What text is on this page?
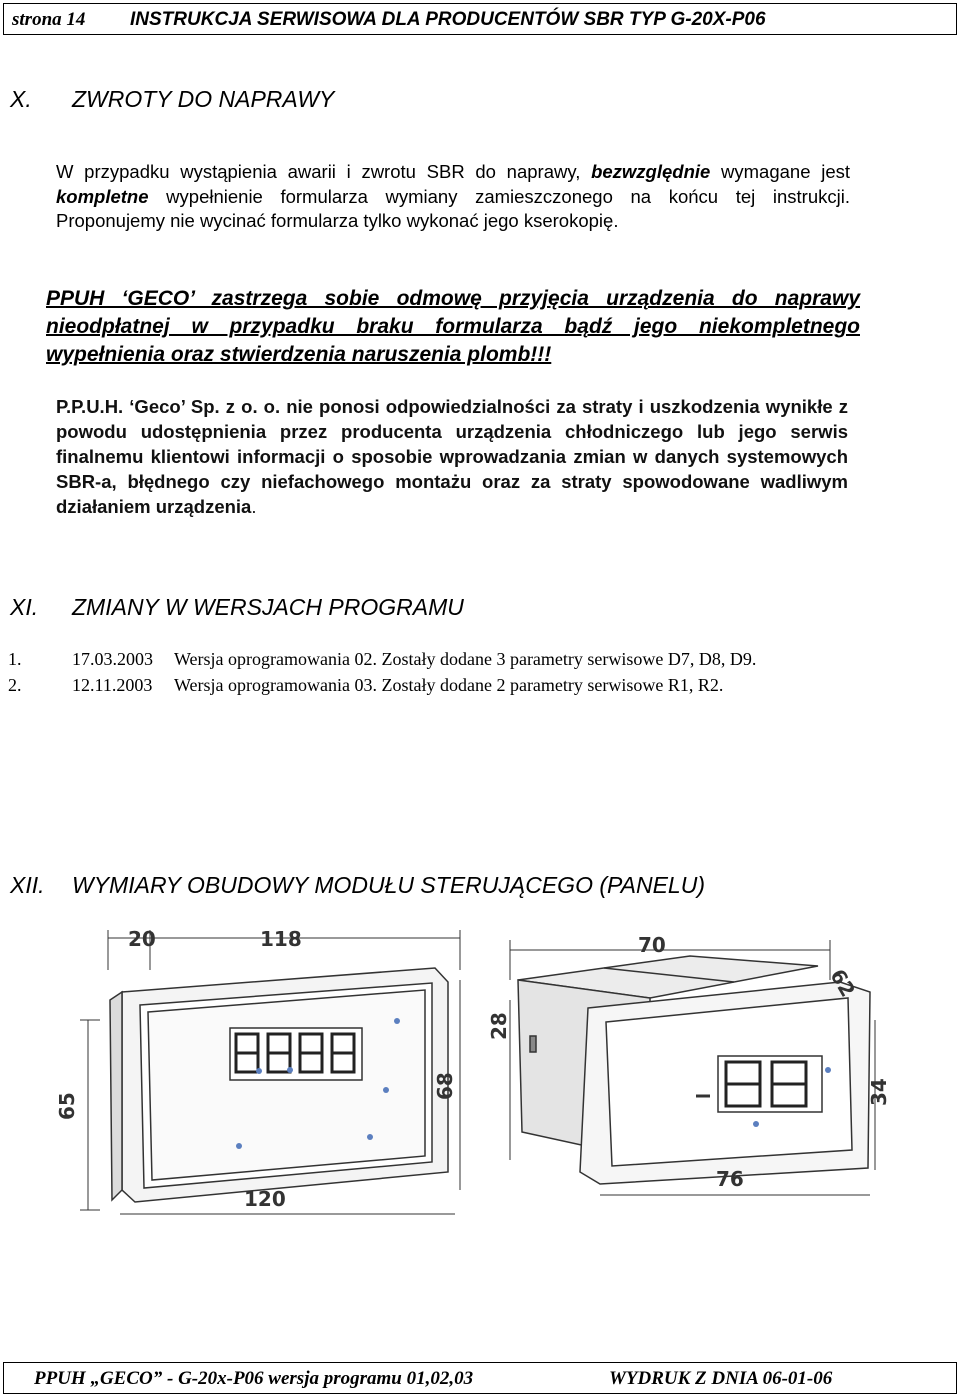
strona 14 INSTRUKCJA SERWISOWA DLA PRODUCENTÓW SBR TYP G-20X-P06
X. ZWROTY DO NAPRAWY
W przypadku wystąpienia awarii i zwrotu SBR do naprawy, bezwzględnie wymagane jest kompletne wypełnienie formularza wymiany zamieszczonego na końcu tej instrukcji. Proponujemy nie wycinać formularza tylko wykonać jego kserokopię.
PPUH ‘GECO’ zastrzega sobie odmowę przyjęcia urządzenia do naprawy nieodpłatnej w przypadku braku formularza bądź jego niekompletnego wypełnienia oraz stwierdzenia naruszenia plomb!!!
P.P.U.H. ‘Geco’ Sp. z o. o. nie ponosi odpowiedzialności za straty i uszkodzenia wynikłe z powodu udostępnienia przez producenta urządzenia chłodniczego lub jego serwis finalnemu klientowi informacji o sposobie wprowadzania zmian w danych systemowych SBR-a, błędnego czy niefachowego montażu oraz za straty spowodowane wadliwym działaniem urządzenia.
XI. ZMIANY W WERSJACH PROGRAMU
1.	17.03.2003 Wersja oprogramowania 02. Zostały dodane 3 parametry serwisowe D7, D8, D9.
2.	12.11.2003 Wersja oprogramowania 03. Zostały dodane 2 parametry serwisowe R1, R2.
XII. WYMIARY OBUDOWY MODUŁU STERUJĄCEGO (PANELU)
20	118
65
68
120
70
62
28
34
76
PPUH „GECO” - G-20x-P06 wersja programu 01,02,03	WYDRUK Z DNIA 06-01-06
